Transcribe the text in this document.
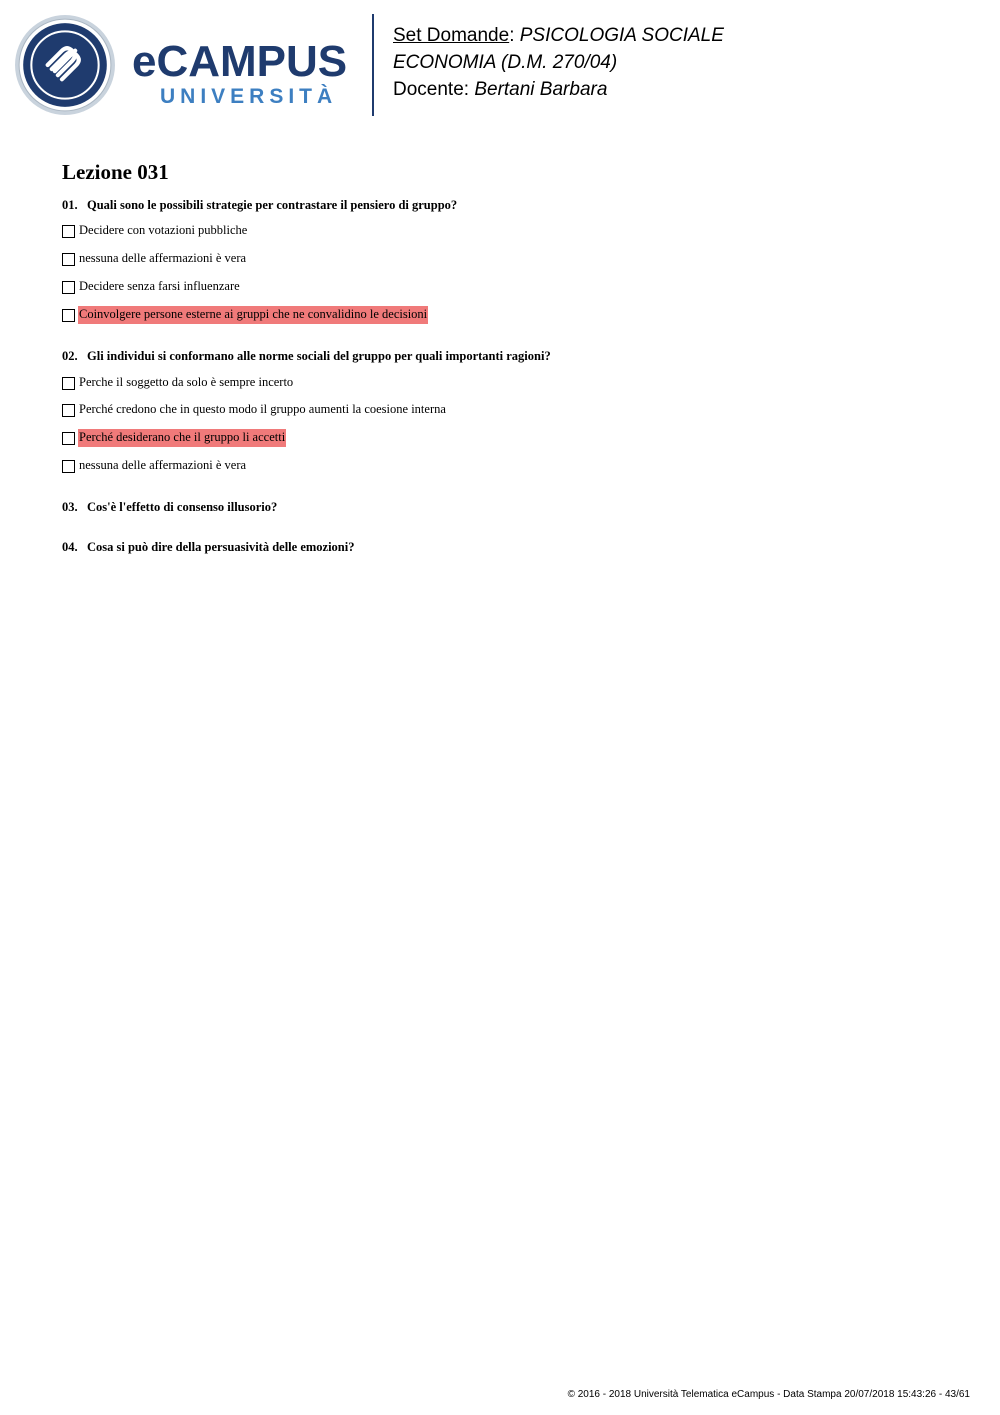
eCAMPUS
UNIVERSITÀ
Set Domande: PSICOLOGIA SOCIALE
ECONOMIA (D.M. 270/04)
Docente: Bertani Barbara
Lezione 031
01. Quali sono le possibili strategie per contrastare il pensiero di gruppo?
Decidere con votazioni pubbliche
nessuna delle affermazioni è vera
Decidere senza farsi influenzare
Coinvolgere persone esterne ai gruppi che ne convalidino le decisioni
02. Gli individui si conformano alle norme sociali del gruppo per quali importanti ragioni?
Perche il soggetto da solo è sempre incerto
Perché credono che in questo modo il gruppo aumenti la coesione interna
Perché desiderano che il gruppo li accetti
nessuna delle affermazioni è vera
03. Cos'è l'effetto di consenso illusorio?
04. Cosa si può dire della persuasività delle emozioni?
© 2016 - 2018 Università Telematica eCampus - Data Stampa 20/07/2018 15:43:26 - 43/61
